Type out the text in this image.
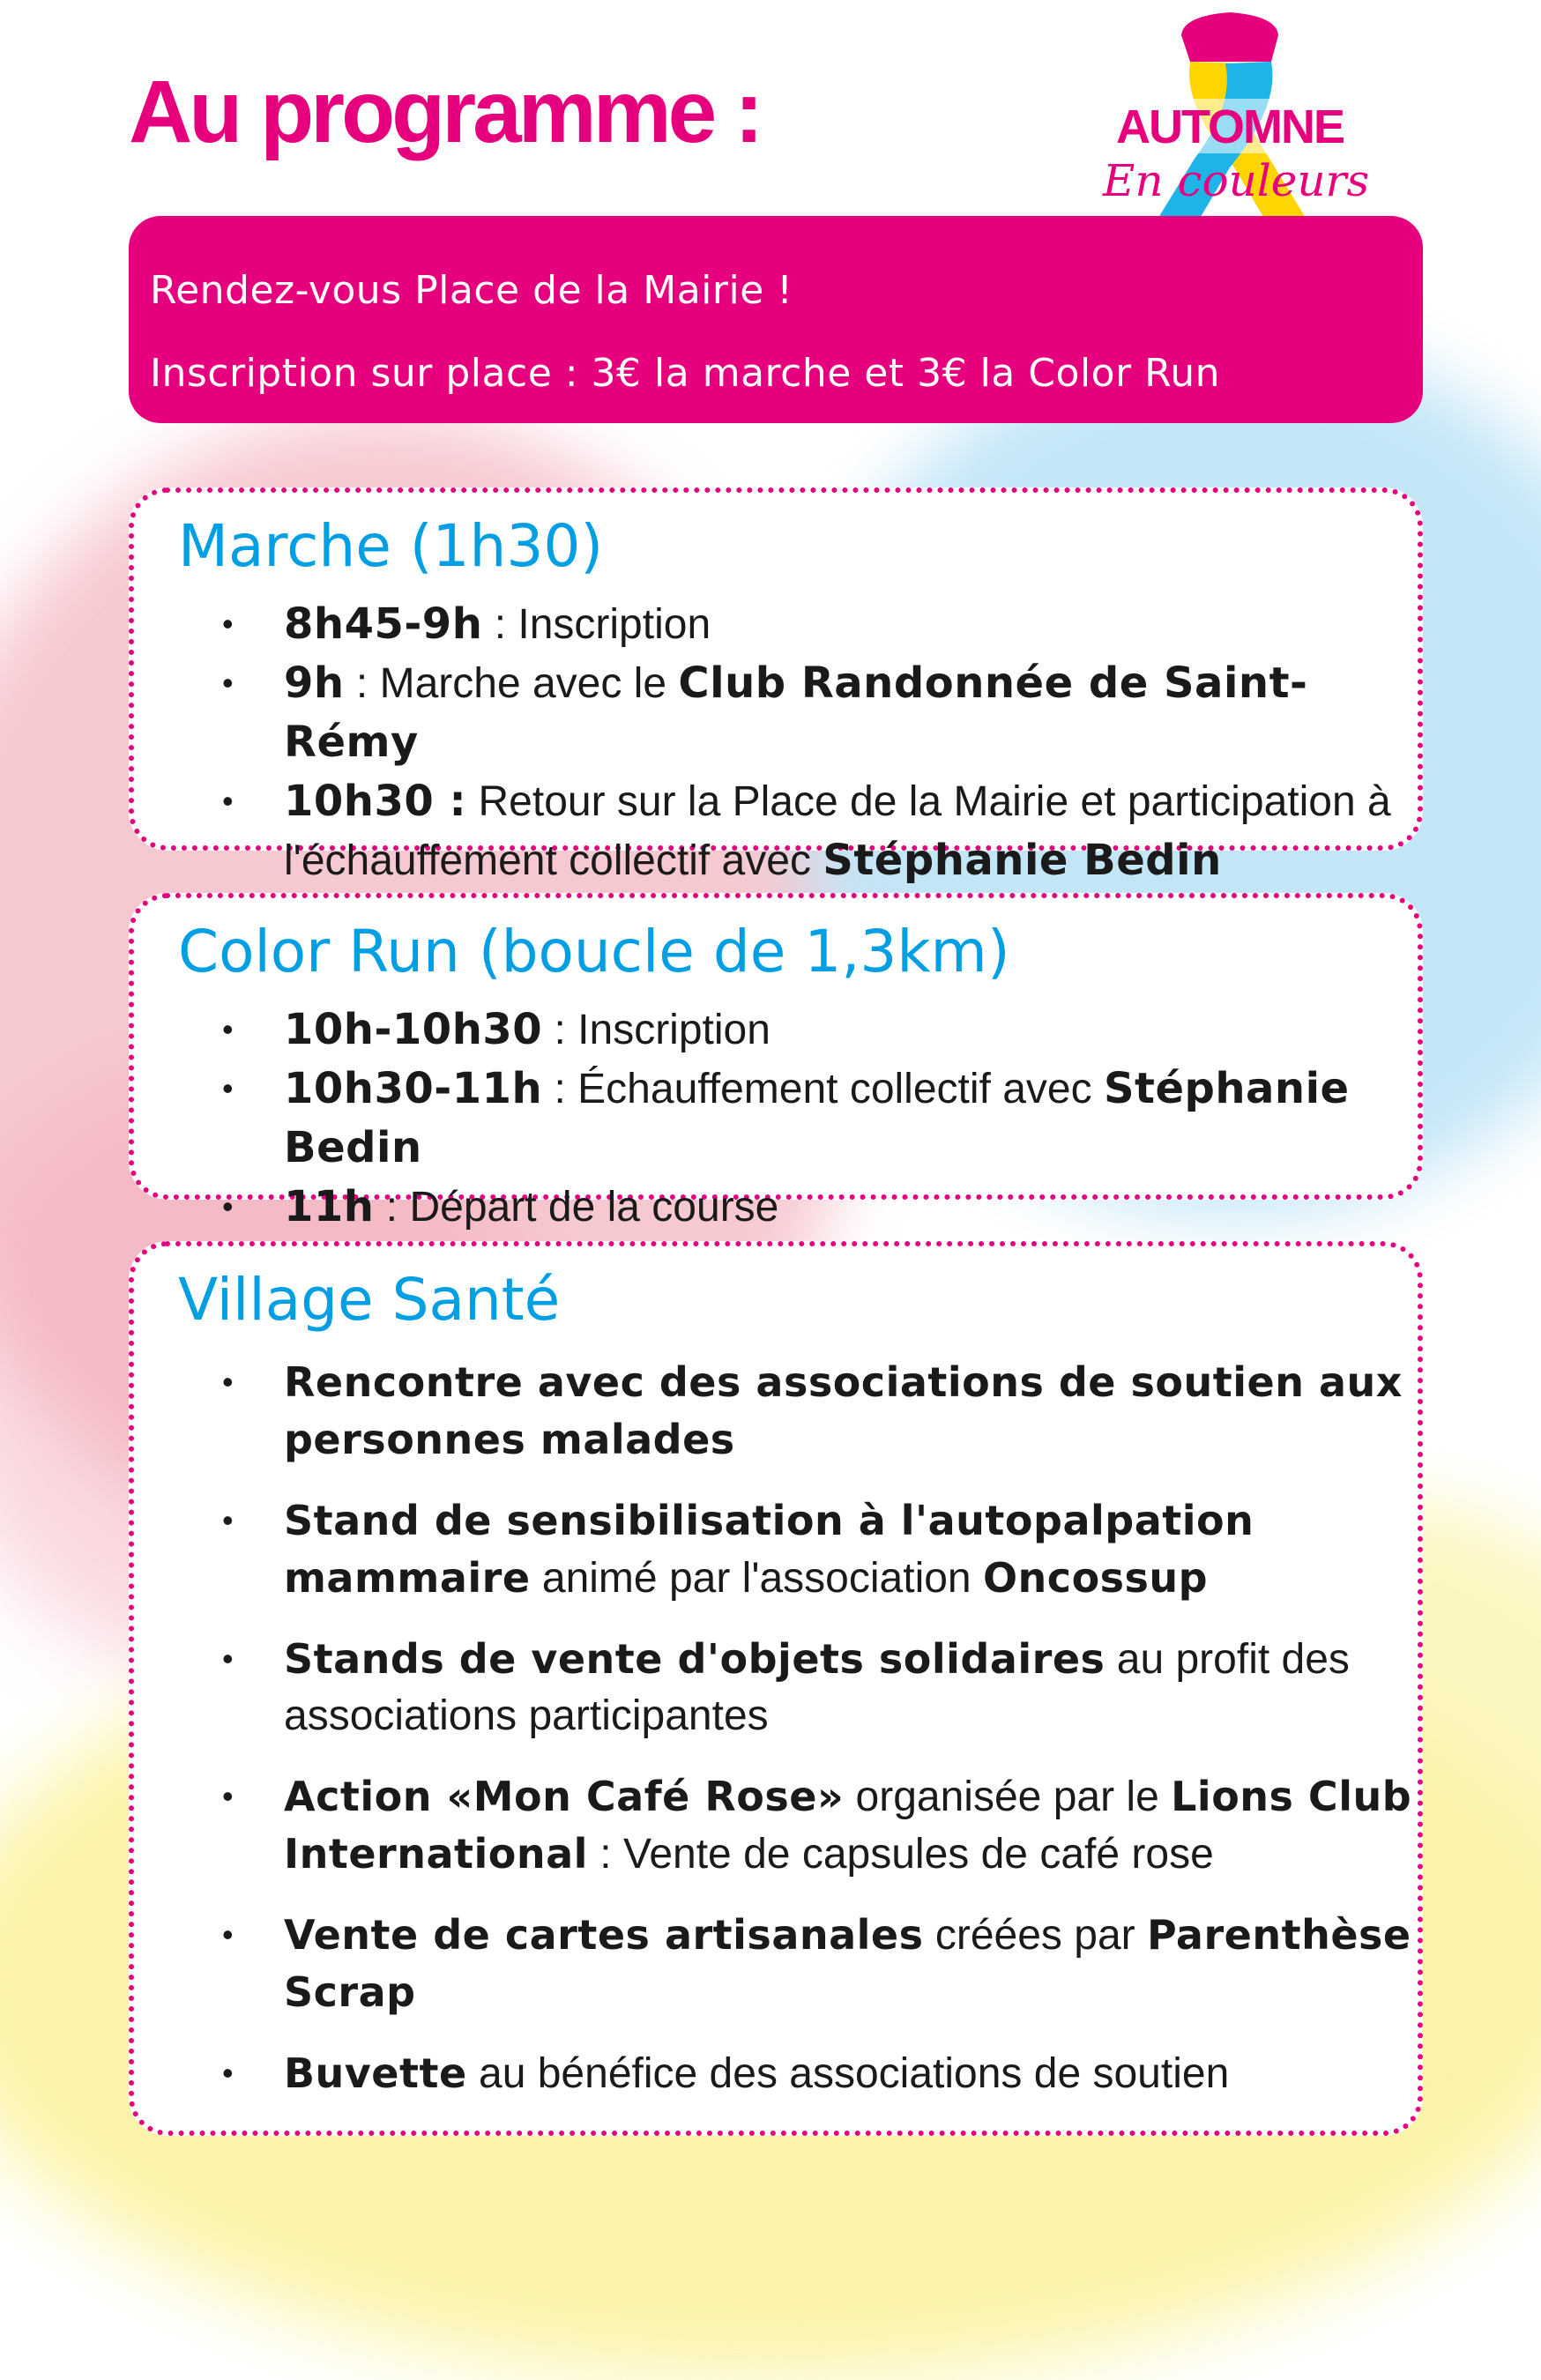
Au programme :	AUTOMNE
En couleurs

Rendez-vous Place de la Mairie !

Inscription sur place : 3€ la marche et 3€ la Color Run

Marche (1h30)
• 8h45-9h : Inscription
• 9h : Marche avec le Club Randonnée de Saint-Rémy
• 10h30 : Retour sur la Place de la Mairie et participation à l'échauffement collectif avec Stéphanie Bedin
Color Run (boucle de 1,3km)
• 10h-10h30 : Inscription
• 10h30-11h : Échauffement collectif avec Stéphanie Bedin
• 11h : Départ de la course
Village Santé
• Rencontre avec des associations de soutien aux personnes malades
• Stand de sensibilisation à l'autopalpation mammaire animé par l'association Oncossup
• Stands de vente d'objets solidaires au profit des associations participantes
• Action «Mon Café Rose» organisée par le Lions Club International : Vente de capsules de café rose
• Vente de cartes artisanales créées par Parenthèse Scrap
• Buvette au bénéfice des associations de soutien
